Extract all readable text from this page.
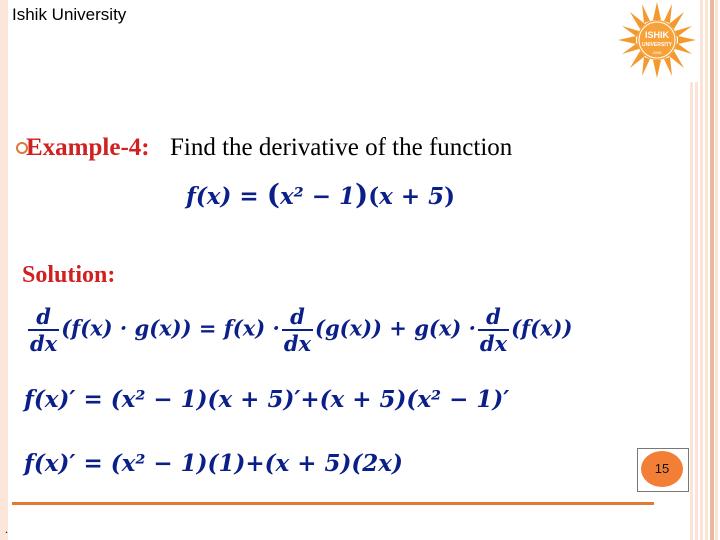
Ishik University
ISHIK
UNIVERSITY
2008
Example-4: Find the derivative of the function
f(x) = (x² − 1)(x + 5)
Solution:
$\frac{d}{dx} (f(x) \cdot g(x)) = f(x) \cdot \frac{d}{dx} (g(x)) + g(x) \cdot \frac{d}{dx} (f(x))$
f(x)′ = (x² − 1)(x + 5)′+(x + 5)(x² − 1)′
f(x)′ = (x² − 1)(1)+(x + 5)(2x)	15
.
